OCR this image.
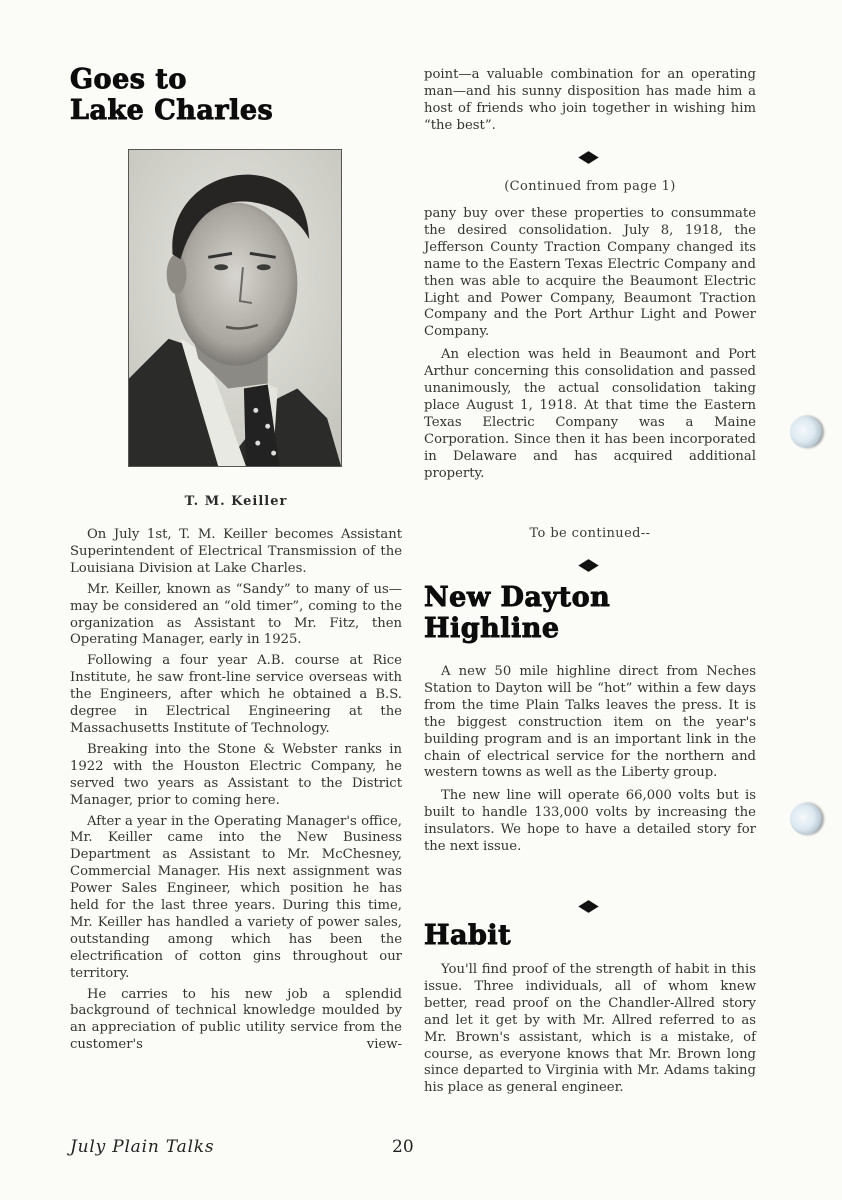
Goes to
Lake Charles
T. M. Keiller

On July 1st, T. M. Keiller becomes Assistant Superintendent of Electrical Transmission of the Louisiana Division at Lake Charles.

Mr. Keiller, known as “Sandy” to many of us—may be considered an “old timer”, coming to the organization as Assistant to Mr. Fitz, then Operating Manager, early in 1925.

Following a four year A.B. course at Rice Institute, he saw front-line service overseas with the Engineers, after which he obtained a B.S. degree in Electrical Engineering at the Massachusetts Institute of Technology.

Breaking into the Stone & Webster ranks in 1922 with the Houston Electric Company, he served two years as Assistant to the District Manager, prior to coming here.

After a year in the Operating Manager's office, Mr. Keiller came into the New Business Department as Assistant to Mr. McChesney, Commercial Manager. His next assignment was Power Sales Engineer, which position he has held for the last three years. During this time, Mr. Keiller has handled a variety of power sales, outstanding among which has been the electrification of cotton gins throughout our territory.

He carries to his new job a splendid background of technical knowledge moulded by an appreciation of public utility service from the customer's view-

point—a valuable combination for an operating man—and his sunny disposition has made him a host of friends who join together in wishing him “the best”.

(Continued from page 1)

pany buy over these properties to consummate the desired consolidation. July 8, 1918, the Jefferson County Traction Company changed its name to the Eastern Texas Electric Company and then was able to acquire the Beaumont Electric Light and Power Company, Beaumont Traction Company and the Port Arthur Light and Power Company.

An election was held in Beaumont and Port Arthur concerning this consolidation and passed unanimously, the actual consolidation taking place August 1, 1918. At that time the Eastern Texas Electric Company was a Maine Corporation. Since then it has been incorporated in Delaware and has acquired additional property.

To be continued--
New Dayton
Highline

A new 50 mile highline direct from Neches Station to Dayton will be “hot” within a few days from the time Plain Talks leaves the press. It is the biggest construction item on the year's building program and is an important link in the chain of electrical service for the northern and western towns as well as the Liberty group.

The new line will operate 66,000 volts but is built to handle 133,000 volts by increasing the insulators. We hope to have a detailed story for the next issue.

Habit

You'll find proof of the strength of habit in this issue. Three individuals, all of whom knew better, read proof on the Chandler-Allred story and let it get by with Mr. Allred referred to as Mr. Brown's assistant, which is a mistake, of course, as everyone knows that Mr. Brown long since departed to Virginia with Mr. Adams taking his place as general engineer.

July Plain Talks	20
